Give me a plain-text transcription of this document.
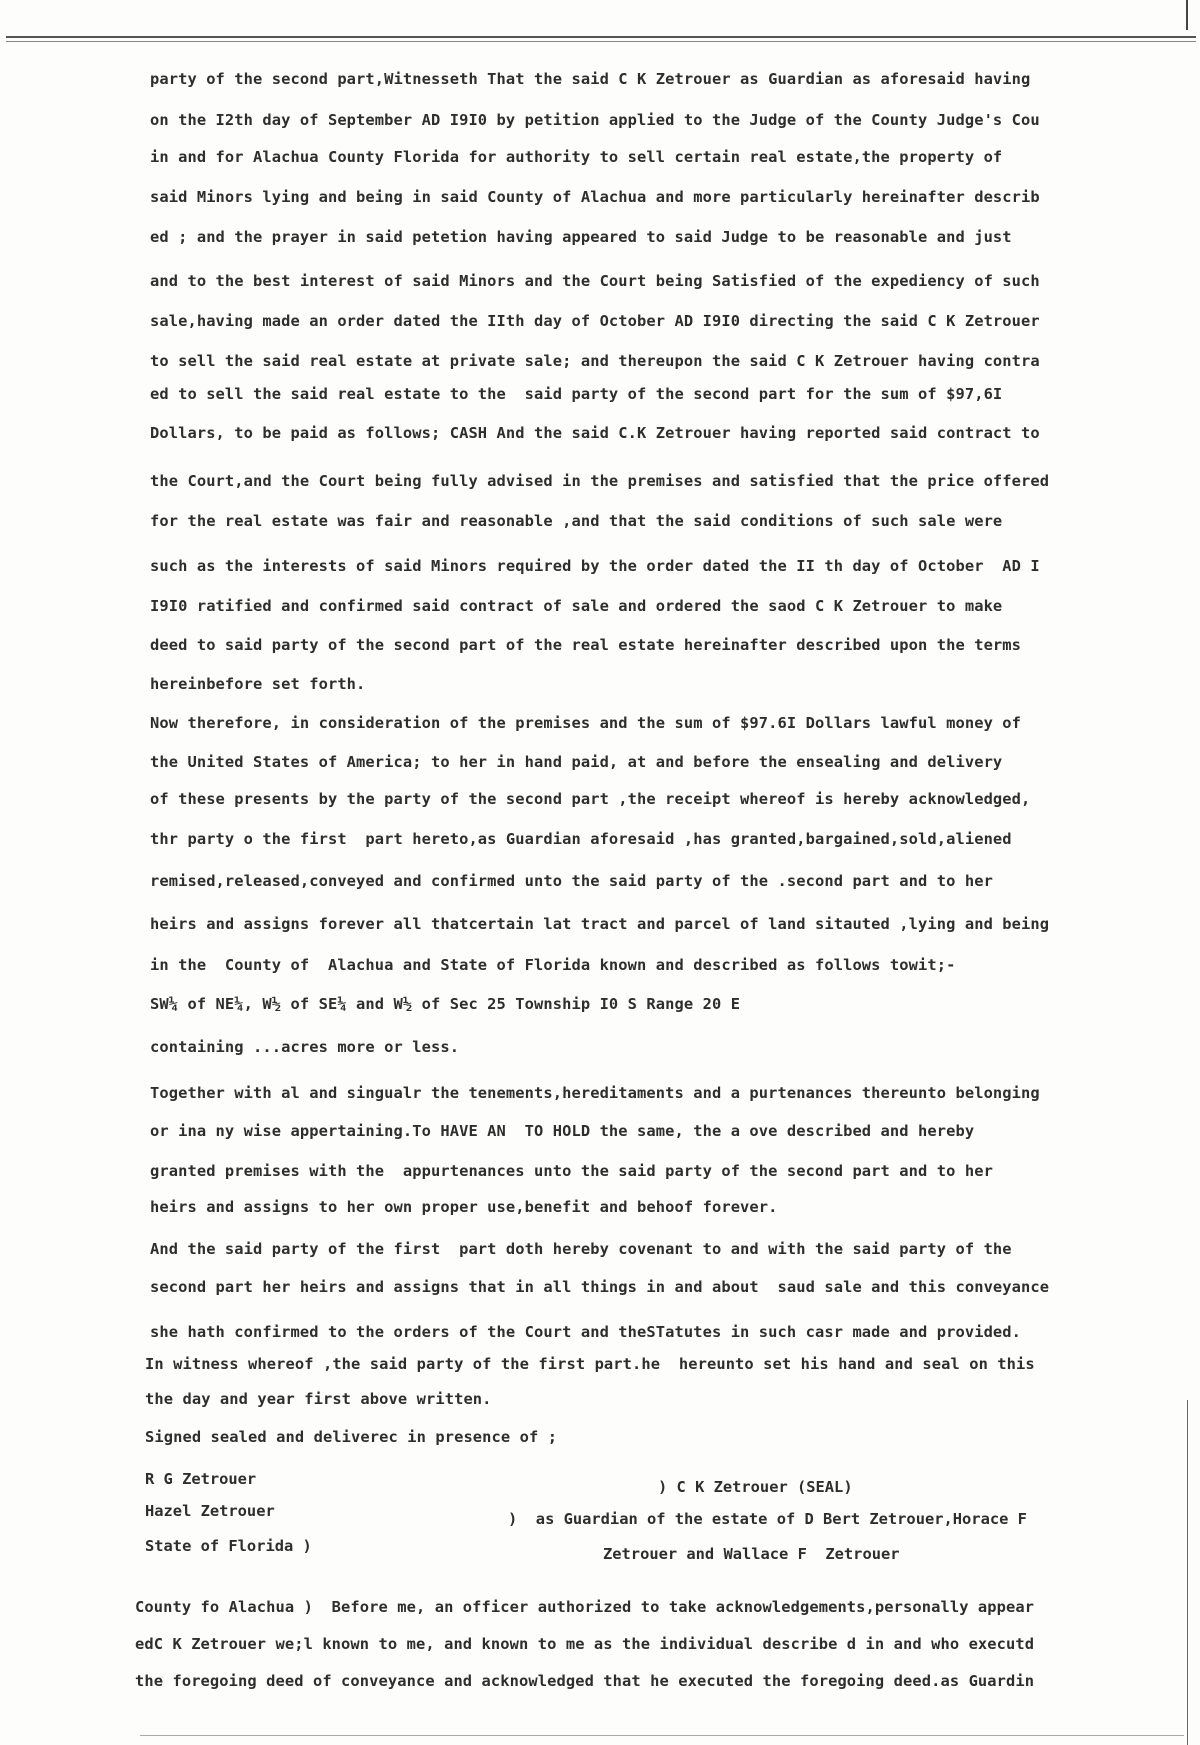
party of the second part,Witnesseth That the said C K Zetrouer as Guardian as aforesaid having
on the I2th day of September AD I9I0 by petition applied to the Judge of the County Judge's Cou
in and for Alachua County Florida for authority to sell certain real estate,the property of
said Minors lying and being in said County of Alachua and more particularly hereinafter describ
ed ; and the prayer in said petetion having appeared to said Judge to be reasonable and just
and to the best interest of said Minors and the Court being Satisfied of the expediency of such
sale,having made an order dated the IIth day of October AD I9I0 directing the said C K Zetrouer
to sell the said real estate at private sale; and thereupon the said C K Zetrouer having contra
ed to sell the said real estate to the  said party of the second part for the sum of $97,6I
Dollars, to be paid as follows; CASH And the said C.K Zetrouer having reported said contract to
the Court,and the Court being fully advised in the premises and satisfied that the price offered
for the real estate was fair and reasonable ,and that the said conditions of such sale were
such as the interests of said Minors required by the order dated the II th day of October  AD I
I9I0 ratified and confirmed said contract of sale and ordered the saod C K Zetrouer to make
deed to said party of the second part of the real estate hereinafter described upon the terms
hereinbefore set forth.
Now therefore, in consideration of the premises and the sum of $97.6I Dollars lawful money of
the United States of America; to her in hand paid, at and before the ensealing and delivery
of these presents by the party of the second part ,the receipt whereof is hereby acknowledged,
thr party o the first  part hereto,as Guardian aforesaid ,has granted,bargained,sold,aliened
remised,released,conveyed and confirmed unto the said party of the .second part and to her
heirs and assigns forever all thatcertain lat tract and parcel of land sitauted ,lying and being
in the  County of  Alachua and State of Florida known and described as follows towit;-
SW¼ of NE¼, W½ of SE¼ and W½ of Sec 25 Township I0 S Range 20 E
containing ...acres more or less.
Together with al and singualr the tenements,hereditaments and a purtenances thereunto belonging
or ina ny wise appertaining.To HAVE AN  TO HOLD the same, the a ove described and hereby
granted premises with the  appurtenances unto the said party of the second part and to her
heirs and assigns to her own proper use,benefit and behoof forever.
And the said party of the first  part doth hereby covenant to and with the said party of the
second part her heirs and assigns that in all things in and about  saud sale and this conveyance
she hath confirmed to the orders of the Court and theSTatutes in such casr made and provided.
In witness whereof ,the said party of the first part.he  hereunto set his hand and seal on this
the day and year first above written.
Signed sealed and deliverec in presence of ;
R G Zetrouer
Hazel Zetrouer
State of Florida )
) C K Zetrouer (SEAL)
)  as Guardian of the estate of D Bert Zetrouer,Horace F
Zetrouer and Wallace F  Zetrouer
County fo Alachua )  Before me, an officer authorized to take acknowledgements,personally appear
edC K Zetrouer we;l known to me, and known to me as the individual describe d in and who executd
the foregoing deed of conveyance and acknowledged that he executed the foregoing deed.as Guardin
